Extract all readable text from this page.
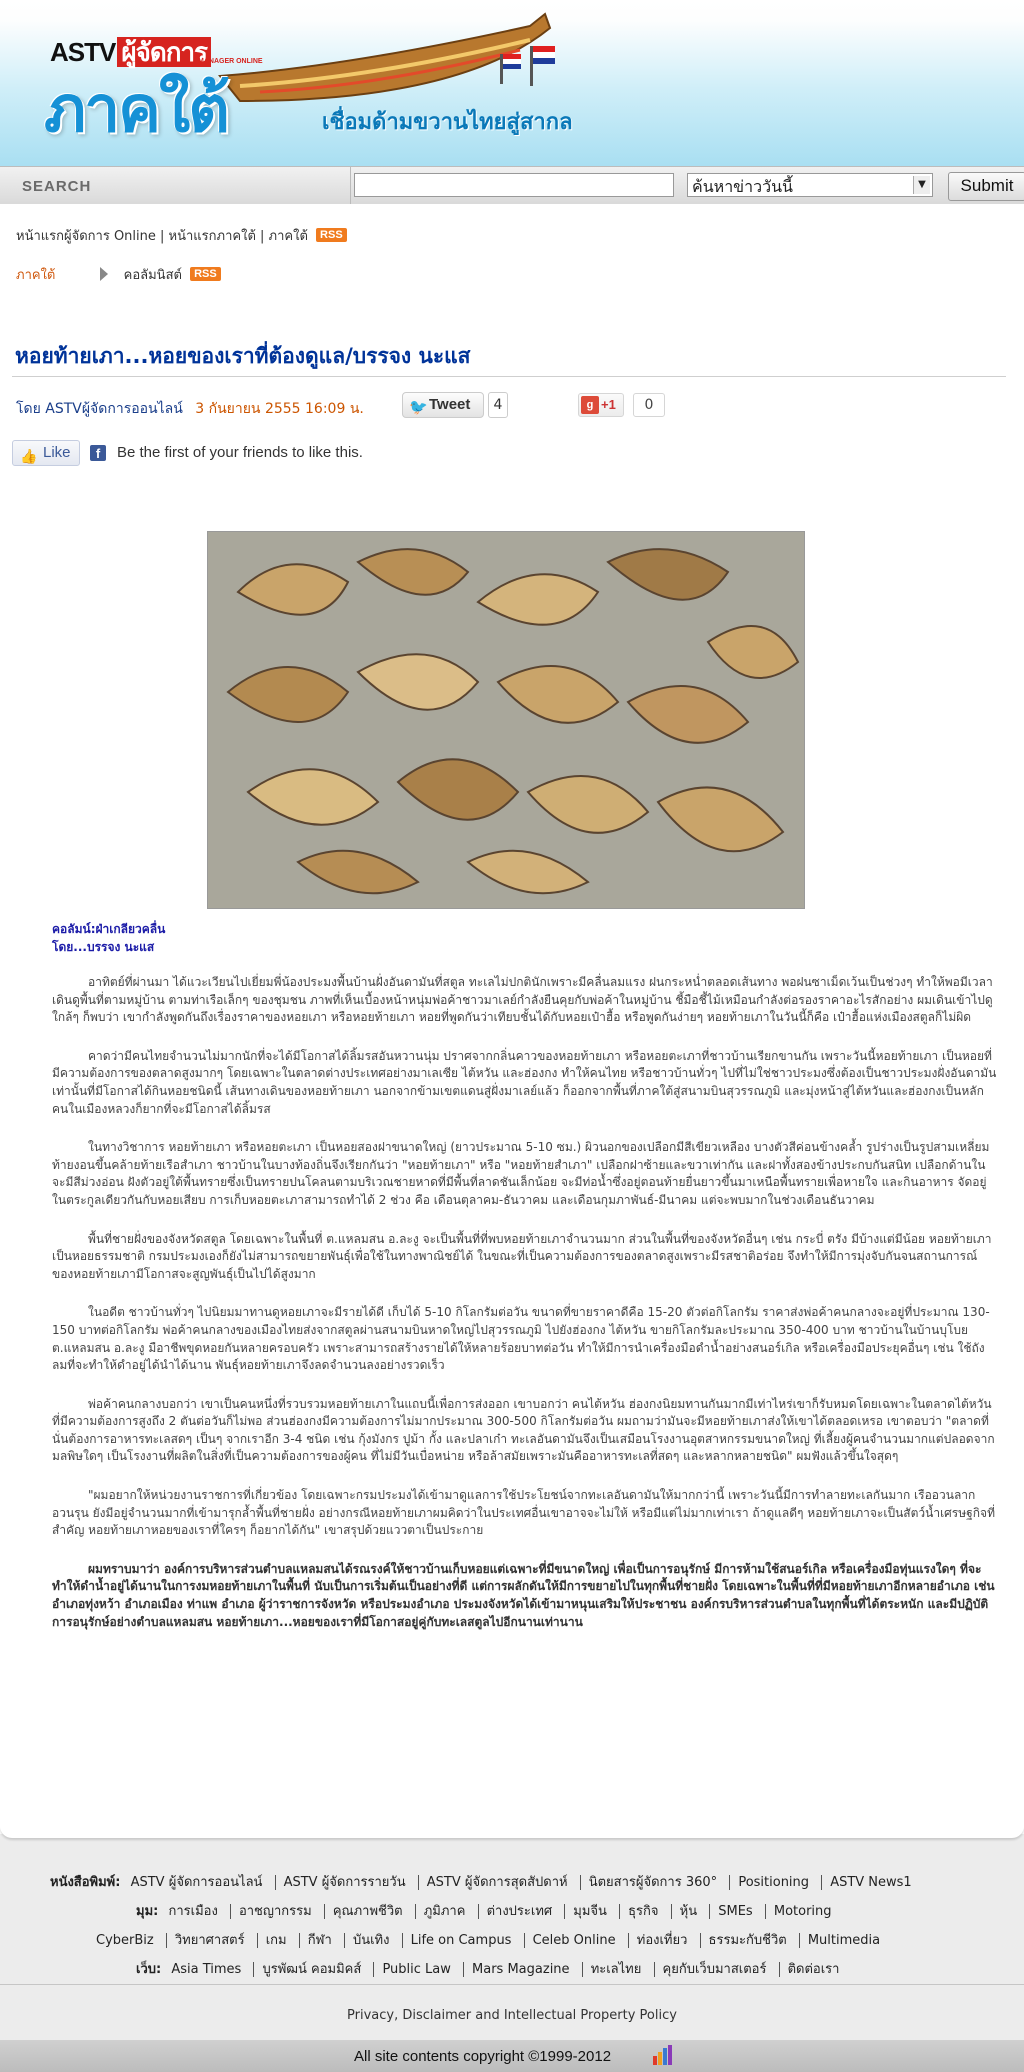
ASTV ผู้จัดการ
MANAGER ONLINE
ภาคใต้	เชื่อมด้ามขวานไทยสู่สากล
SEARCH	ค้นหาข่าววันนี้	▼	Submit
หน้าแรกผู้จัดการ Online | หน้าแรกภาคใต้ | ภาคใต้ RSS
ภาคใต้	คอลัมนิสต์ RSS
หอยท้ายเภา...หอยของเราที่ต้องดูแล/บรรจง นะแส
โดย ASTVผู้จัดการออนไลน์ 3 กันยายน 2555 16:09 น.	🐦 Tweet	4	g +1	0
👍 Like	f	Be the first of your friends to like this.
คอลัมน์:ฝ่าเกลียวคลื่น
โดย...บรรจง นะแส

อาทิตย์ที่ผ่านมา ได้แวะเวียนไปเยี่ยมพี่น้องประมงพื้นบ้านฝั่งอันดามันที่สตูล ทะเลไม่ปกตินักเพราะมีคลื่นลมแรง ฝนกระหน่ำตลอดเส้นทาง พอฝนซาเม็ดเว้นเป็นช่วงๆ ทำให้พอมีเวลาเดินดูพื้นที่ตามหมู่บ้าน ตามท่าเรือเล็กๆ ของชุมชน ภาพที่เห็นเบื้องหน้าหนุ่มพ่อค้าชาวมาเลย์กำลังยืนคุยกับพ่อค้าในหมู่บ้าน ชี้มือชี้ไม้เหมือนกำลังต่อรองราคาอะไรสักอย่าง ผมเดินเข้าไปดูใกล้ๆ ก็พบว่า เขากำลังพูดกันถึงเรื่องราคาของหอยเภา หรือหอยท้ายเภา หอยที่พูดกันว่าเทียบชั้นได้กับหอยเป๋าฮื้อ หรือพูดกันง่ายๆ หอยท้ายเภาในวันนี้ก็คือ เป๋าฮื้อแห่งเมืองสตูลก็ไม่ผิด

คาดว่ามีคนไทยจำนวนไม่มากนักที่จะได้มีโอกาสได้ลิ้มรสอันหวานนุ่ม ปราศจากกลิ่นคาวของหอยท้ายเภา หรือหอยตะเภาที่ชาวบ้านเรียกขานกัน เพราะวันนี้หอยท้ายเภา เป็นหอยที่มีความต้องการของตลาดสูงมากๆ โดยเฉพาะในตลาดต่างประเทศอย่างมาเลเซีย ไต้หวัน และฮ่องกง ทำให้คนไทย หรือชาวบ้านทั่วๆ ไปที่ไม่ใช่ชาวประมงซึ่งต้องเป็นชาวประมงฝั่งอันดามันเท่านั้นที่มีโอกาสได้กินหอยชนิดนี้ เส้นทางเดินของหอยท้ายเภา นอกจากข้ามเขตแดนสู่ฝั่งมาเลย์แล้ว ก็ออกจากพื้นที่ภาคใต้สู่สนามบินสุวรรณภูมิ และมุ่งหน้าสู่ไต้หวันและฮ่องกงเป็นหลัก คนในเมืองหลวงก็ยากที่จะมีโอกาสได้ลิ้มรส

ในทางวิชาการ หอยท้ายเภา หรือหอยตะเภา เป็นหอยสองฝาขนาดใหญ่ (ยาวประมาณ 5-10 ซม.) ผิวนอกของเปลือกมีสีเขียวเหลือง บางตัวสีค่อนข้างคล้ำ รูปร่างเป็นรูปสามเหลี่ยมท้ายงอนขึ้นคล้ายท้ายเรือสำเภา ชาวบ้านในบางท้องถิ่นจึงเรียกกันว่า "หอยท้ายเภา" หรือ "หอยท้ายสำเภา" เปลือกฝาซ้ายและขวาเท่ากัน และฝาทั้งสองข้างประกบกันสนิท เปลือกด้านในจะมีสีม่วงอ่อน ฝังตัวอยู่ใต้พื้นทรายซึ่งเป็นทรายปนโคลนตามบริเวณชายหาดที่มีพื้นที่ลาดชันเล็กน้อย จะมีท่อน้ำซึ่งอยู่ตอนท้ายยื่นยาวขึ้นมาเหนือพื้นทรายเพื่อหายใจ และกินอาหาร จัดอยู่ในตระกูลเดียวกันกับหอยเสียบ การเก็บหอยตะเภาสามารถทำได้ 2 ช่วง คือ เดือนตุลาคม-ธันวาคม และเดือนกุมภาพันธ์-มีนาคม แต่จะพบมากในช่วงเดือนธันวาคม

พื้นที่ชายฝั่งของจังหวัดสตูล โดยเฉพาะในพื้นที่ ต.แหลมสน อ.ละงู จะเป็นพื้นที่ที่พบหอยท้ายเภาจำนวนมาก ส่วนในพื้นที่ของจังหวัดอื่นๆ เช่น กระบี่ ตรัง มีบ้างแต่มีน้อย หอยท้ายเภาเป็นหอยธรรมชาติ กรมประมงเองก็ยังไม่สามารถขยายพันธุ์เพื่อใช้ในทางพาณิชย์ได้ ในขณะที่เป็นความต้องการของตลาดสูงเพราะมีรสชาติอร่อย จึงทำให้มีการมุ่งจับกันจนสถานการณ์ของหอยท้ายเภามีโอกาสจะสูญพันธุ์เป็นไปได้สูงมาก

ในอดีต ชาวบ้านทั่วๆ ไปนิยมมาทานดูหอยเภาจะมีรายได้ดี เก็บได้ 5-10 กิโลกรัมต่อวัน ขนาดที่ขายราคาดีคือ 15-20 ตัวต่อกิโลกรัม ราคาส่งพ่อค้าคนกลางจะอยู่ที่ประมาณ 130-150 บาทต่อกิโลกรัม พ่อค้าคนกลางของเมืองไทยส่งจากสตูลผ่านสนามบินหาดใหญ่ไปสุวรรณภูมิ ไปยังฮ่องกง ไต้หวัน ขายกิโลกรัมละประมาณ 350-400 บาท ชาวบ้านในบ้านบุโบย ต.แหลมสน อ.ละงู มือาชีพขุดหอยกันหลายครอบครัว เพราะสามารถสร้างรายได้ให้หลายร้อยบาทต่อวัน ทำให้มีการนำเครื่องมือดำน้ำอย่างสนอร์เกิล หรือเครื่องมือประยุคอื่นๆ เช่น ใช้ถังลมที่จะทำให้ดำอยู่ได้นำได้นาน พันธุ์หอยท้ายเภาจึงลดจำนวนลงอย่างรวดเร็ว

พ่อค้าคนกลางบอกว่า เขาเป็นคนหนึ่งที่รวบรวมหอยท้ายเภาในแถบนี้เพื่อการส่งออก เขาบอกว่า คนไต้หวัน ฮ่องกงนิยมทานกันมากมีเท่าไหร่เขาก็รับหมดโดยเฉพาะในตลาดไต้หวันที่มีความต้องการสูงถึง 2 ตันต่อวันก็ไม่พอ ส่วนฮ่องกงมีความต้องการไม่มากประมาณ 300-500 กิโลกรัมต่อวัน ผมถามว่ามันจะมีหอยท้ายเภาส่งให้เขาได้ตลอดเหรอ เขาตอบว่า "ตลาดที่นั่นต้องการอาหารทะเลสดๆ เป็นๆ จากเราอีก 3-4 ชนิด เช่น กุ้งมังกร ปูม้า กั้ง และปลาเก๋า ทะเลอันดามันจึงเป็นเสมือนโรงงานอุตสาหกรรมขนาดใหญ่ ที่เลี้ยงผู้คนจำนวนมากแต่ปลอดจากมลพิษใดๆ เป็นโรงงานที่ผลิตในสิ่งที่เป็นความต้องการของผู้คน ที่ไม่มีวันเบื่อหน่าย หรือล้าสมัยเพราะมันคืออาหารทะเลที่สดๆ และหลากหลายชนิด" ผมฟังแล้วขึ้นใจสุดๆ

"ผมอยากให้หน่วยงานราชการที่เกี่ยวข้อง โดยเฉพาะกรมประมงได้เข้ามาดูแลการใช้ประโยชน์จากทะเลอันดามันให้มากกว่านี้ เพราะวันนี้มีการทำลายทะเลกันมาก เรืออวนลาก อวนรุน ยังมีอยู่จำนวนมากที่เข้ามารุกล้ำพื้นที่ชายฝั่ง อย่างกรณีหอยท้ายเภาผมคิดว่าในประเทศอื่นเขาอาจจะไม่ให้ หรือมีแต่ไม่มากเท่าเรา ถ้าดูแลดีๆ หอยท้ายเภาจะเป็นสัตว์น้ำเศรษฐกิจที่สำคัญ หอยท้ายเภาหอยของเราที่ใครๆ ก็อยากได้กัน" เขาสรุปด้วยแววตาเป็นประกาย

ผมทราบมาว่า องค์การบริหารส่วนตำบลแหลมสนได้รณรงค์ให้ชาวบ้านเก็บหอยแต่เฉพาะที่มีขนาดใหญ่ เพื่อเป็นการอนุรักษ์ มีการห้ามใช้สนอร์เกิล หรือเครื่องมือทุ่นแรงใดๆ ที่จะทำให้ดำน้ำอยู่ได้นานในการงมหอยท้ายเภาในพื้นที่ นับเป็นการเริ่มต้นเป็นอย่างที่ดี แต่การผลักดันให้มีการขยายไปในทุกพื้นที่ชายฝั่ง โดยเฉพาะในพื้นที่ที่มีหอยท้ายเภาอีกหลายอำเภอ เช่น อำเภอทุ่งหว้า อำเภอเมือง ท่าแพ อำเภอ ผู้ว่าราชการจังหวัด หรือประมงอำเภอ ประมงจังหวัดได้เข้ามาหนุนเสริมให้ประชาชน องค์กรบริหารส่วนตำบลในทุกพื้นที่ได้ตระหนัก และมีปฏิบัติการอนุรักษ์อย่างตำบลแหลมสน หอยท้ายเภา...หอยของเราที่มีโอกาสอยู่คู่กับทะเลสตูลไปอีกนานเท่านาน

หนังสือพิมพ์: ASTV ผู้จัดการออนไลน์ ASTV ผู้จัดการรายวัน ASTV ผู้จัดการสุดสัปดาห์ นิตยสารผู้จัดการ 360° Positioning ASTV News1
มุม: การเมือง อาชญากรรม คุณภาพชีวิต ภูมิภาค ต่างประเทศ มุมจีน ธุรกิจ หุ้น SMEs Motoring
CyberBiz วิทยาศาสตร์ เกม กีฬา บันเทิง Life on Campus Celeb Online ท่องเที่ยว ธรรมะกับชีวิต Multimedia
เว็บ: Asia Times บูรพัฒน์ คอมมิคส์ Public Law Mars Magazine ทะเลไทย คุยกับเว็บมาสเตอร์ ติดต่อเรา
Privacy, Disclaimer and Intellectual Property Policy
All site contents copyright ©1999-2012
